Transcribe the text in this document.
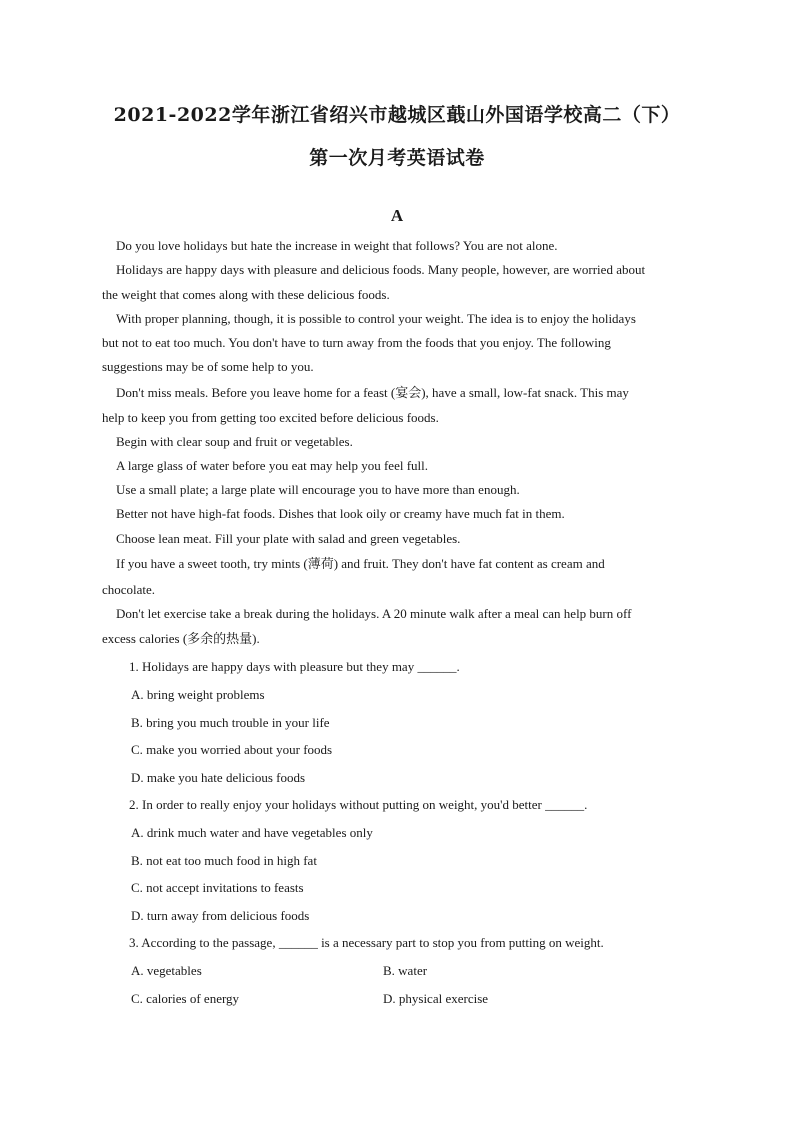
2021-2022学年浙江省绍兴市越城区蕺山外国语学校高二（下）
第一次月考英语试卷
A
Do you love holidays but hate the increase in weight that follows? You are not alone.
Holidays are happy days with pleasure and delicious foods. Many people, however, are worried about
the weight that comes along with these delicious foods.
With proper planning, though, it is possible to control your weight. The idea is to enjoy the holidays
but not to eat too much. You don't have to turn away from the foods that you enjoy. The following
suggestions may be of some help to you.
Don't miss meals. Before you leave home for a feast (宴会), have a small, low-fat snack. This may
help to keep you from getting too excited before delicious foods.
Begin with clear soup and fruit or vegetables.
A large glass of water before you eat may help you feel full.
Use a small plate; a large plate will encourage you to have more than enough.
Better not have high-fat foods. Dishes that look oily or creamy have much fat in them.
Choose lean meat. Fill your plate with salad and green vegetables.
If you have a sweet tooth, try mints (薄荷) and fruit. They don't have fat content as cream and
chocolate.
Don't let exercise take a break during the holidays. A 20 minute walk after a meal can help burn off
excess calories (多余的热量).
1. Holidays are happy days with pleasure but they may ______.
A. bring weight problems
B. bring you much trouble in your life
C. make you worried about your foods
D. make you hate delicious foods
2. In order to really enjoy your holidays without putting on weight, you'd better ______.
A. drink much water and have vegetables only
B. not eat too much food in high fat
C. not accept invitations to feasts
D. turn away from delicious foods
3. According to the passage, ______ is a necessary part to stop you from putting on weight.
A. vegetables	B. water
C. calories of energy	D. physical exercise
